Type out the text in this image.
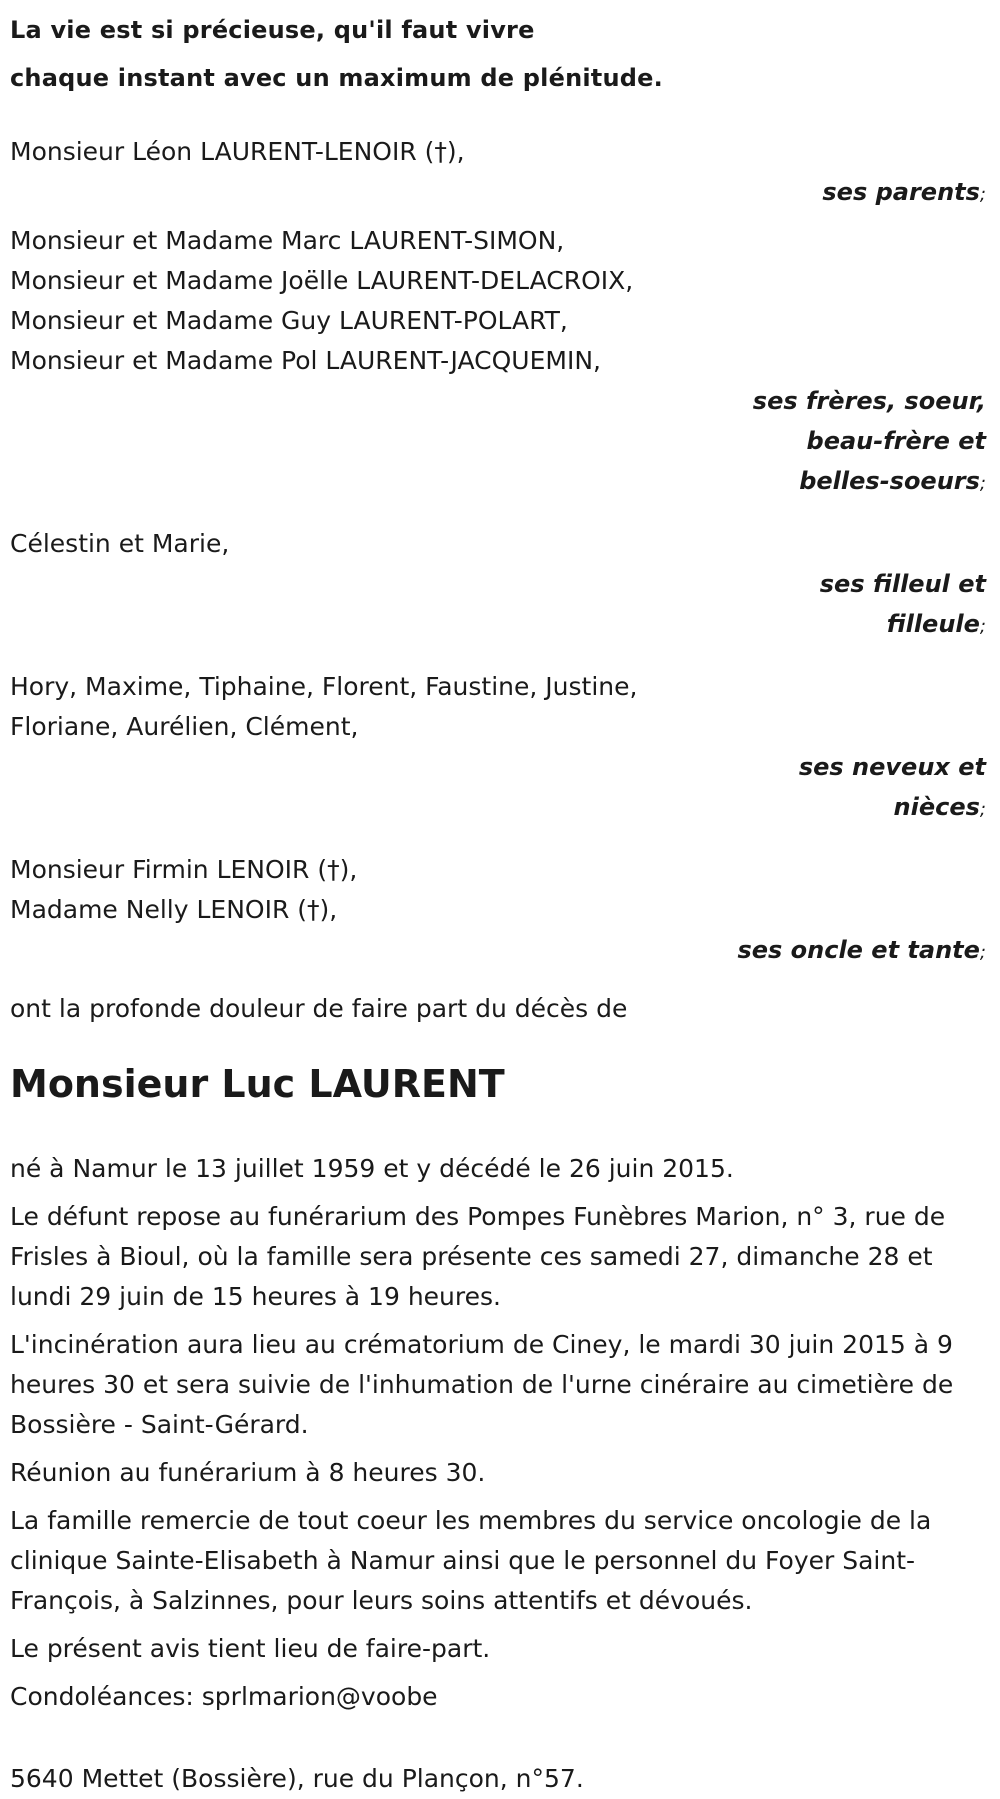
La vie est si précieuse, qu'il faut vivre
chaque instant avec un maximum de plénitude.
Monsieur Léon LAURENT-LENOIR (†),
ses parents;
Monsieur et Madame Marc LAURENT-SIMON,
Monsieur et Madame Joëlle LAURENT-DELACROIX,
Monsieur et Madame Guy LAURENT-POLART,
Monsieur et Madame Pol LAURENT-JACQUEMIN,
ses frères, soeur,
beau-frère et
belles-soeurs;
Célestin et Marie,
ses filleul et
filleule;
Hory, Maxime, Tiphaine, Florent, Faustine, Justine,
Floriane, Aurélien, Clément,
ses neveux et
nièces;
Monsieur Firmin LENOIR (†),
Madame Nelly LENOIR (†),
ses oncle et tante;
ont la profonde douleur de faire part du décès de
Monsieur Luc LAURENT

né à Namur le 13 juillet 1959 et y décédé le 26 juin 2015.

Le défunt repose au funérarium des Pompes Funèbres Marion, n° 3, rue de Frisles à Bioul, où la famille sera présente ces samedi 27, dimanche 28 et lundi 29 juin de 15 heures à 19 heures.

L'incinération aura lieu au crématorium de Ciney, le mardi 30 juin 2015 à 9 heures 30 et sera suivie de l'inhumation de l'urne cinéraire au cimetière de Bossière - Saint-Gérard.

Réunion au funérarium à 8 heures 30.

La famille remercie de tout coeur les membres du service oncologie de la clinique Sainte-Elisabeth à Namur ainsi que le personnel du Foyer Saint-François, à Salzinnes, pour leurs soins attentifs et dévoués.

Le présent avis tient lieu de faire-part.

Condoléances: sprlmarion@voobe

5640 Mettet (Bossière), rue du Plançon, n°57.
